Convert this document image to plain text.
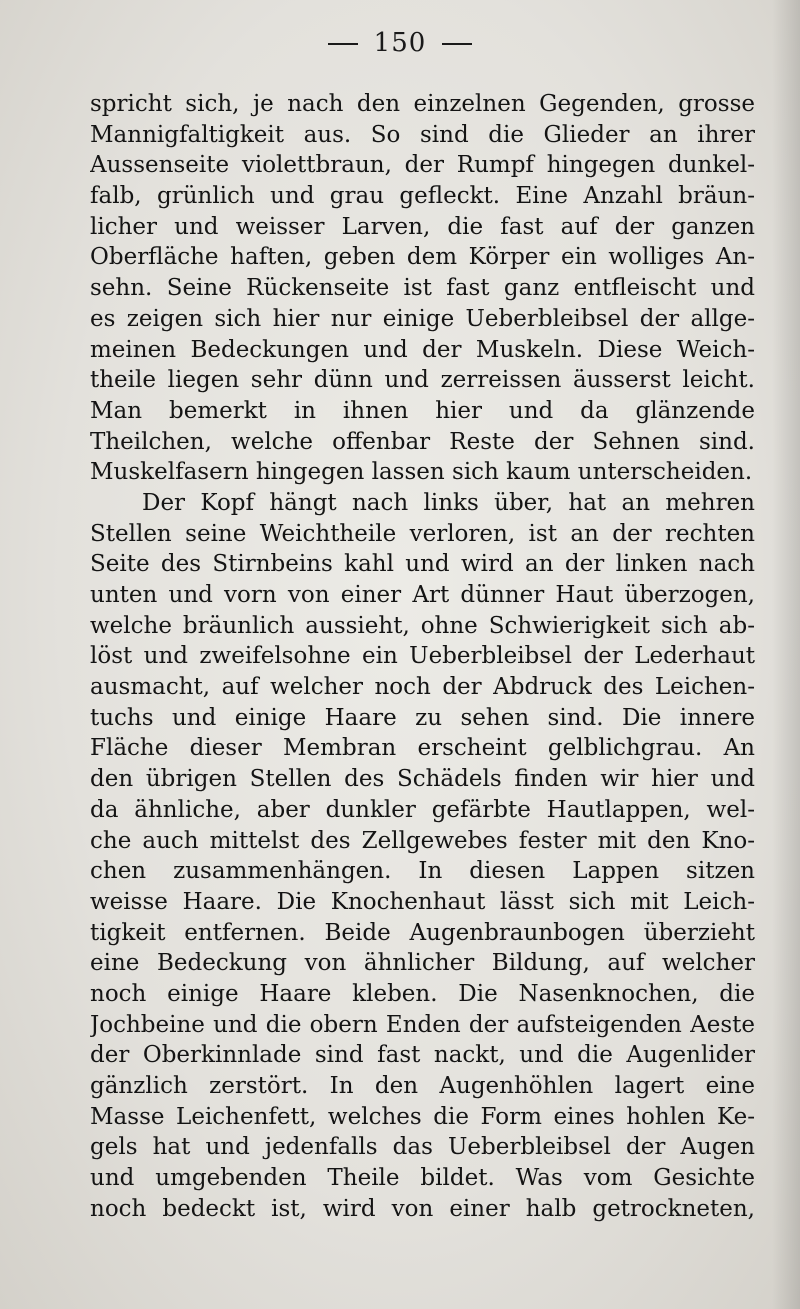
150
spricht sich, je nach den einzelnen Gegenden, grosse
Mannigfaltigkeit aus. So sind die Glieder an ihrer
Aussenseite violettbraun, der Rumpf hingegen dunkel-
falb, grünlich und grau gefleckt. Eine Anzahl bräun-
licher und weisser Larven, die fast auf der ganzen
Oberfläche haften, geben dem Körper ein wolliges An-
sehn. Seine Rückenseite ist fast ganz entfleischt und
es zeigen sich hier nur einige Ueberbleibsel der allge-
meinen Bedeckungen und der Muskeln. Diese Weich-
theile liegen sehr dünn und zerreissen äusserst leicht.
Man bemerkt in ihnen hier und da glänzende
Theilchen, welche offenbar Reste der Sehnen sind.
Muskelfasern hingegen lassen sich kaum unterscheiden.
Der Kopf hängt nach links über, hat an mehren
Stellen seine Weichtheile verloren, ist an der rechten
Seite des Stirnbeins kahl und wird an der linken nach
unten und vorn von einer Art dünner Haut überzogen,
welche bräunlich aussieht, ohne Schwierigkeit sich ab-
löst und zweifelsohne ein Ueberbleibsel der Lederhaut
ausmacht, auf welcher noch der Abdruck des Leichen-
tuchs und einige Haare zu sehen sind. Die innere
Fläche dieser Membran erscheint gelblichgrau. An
den übrigen Stellen des Schädels finden wir hier und
da ähnliche, aber dunkler gefärbte Hautlappen, wel-
che auch mittelst des Zellgewebes fester mit den Kno-
chen zusammenhängen. In diesen Lappen sitzen
weisse Haare. Die Knochenhaut lässt sich mit Leich-
tigkeit entfernen. Beide Augenbraunbogen überzieht
eine Bedeckung von ähnlicher Bildung, auf welcher
noch einige Haare kleben. Die Nasenknochen, die
Jochbeine und die obern Enden der aufsteigenden Aeste
der Oberkinnlade sind fast nackt, und die Augenlider
gänzlich zerstört. In den Augenhöhlen lagert eine
Masse Leichenfett, welches die Form eines hohlen Ke-
gels hat und jedenfalls das Ueberbleibsel der Augen
und umgebenden Theile bildet. Was vom Gesichte
noch bedeckt ist, wird von einer halb getrockneten,
